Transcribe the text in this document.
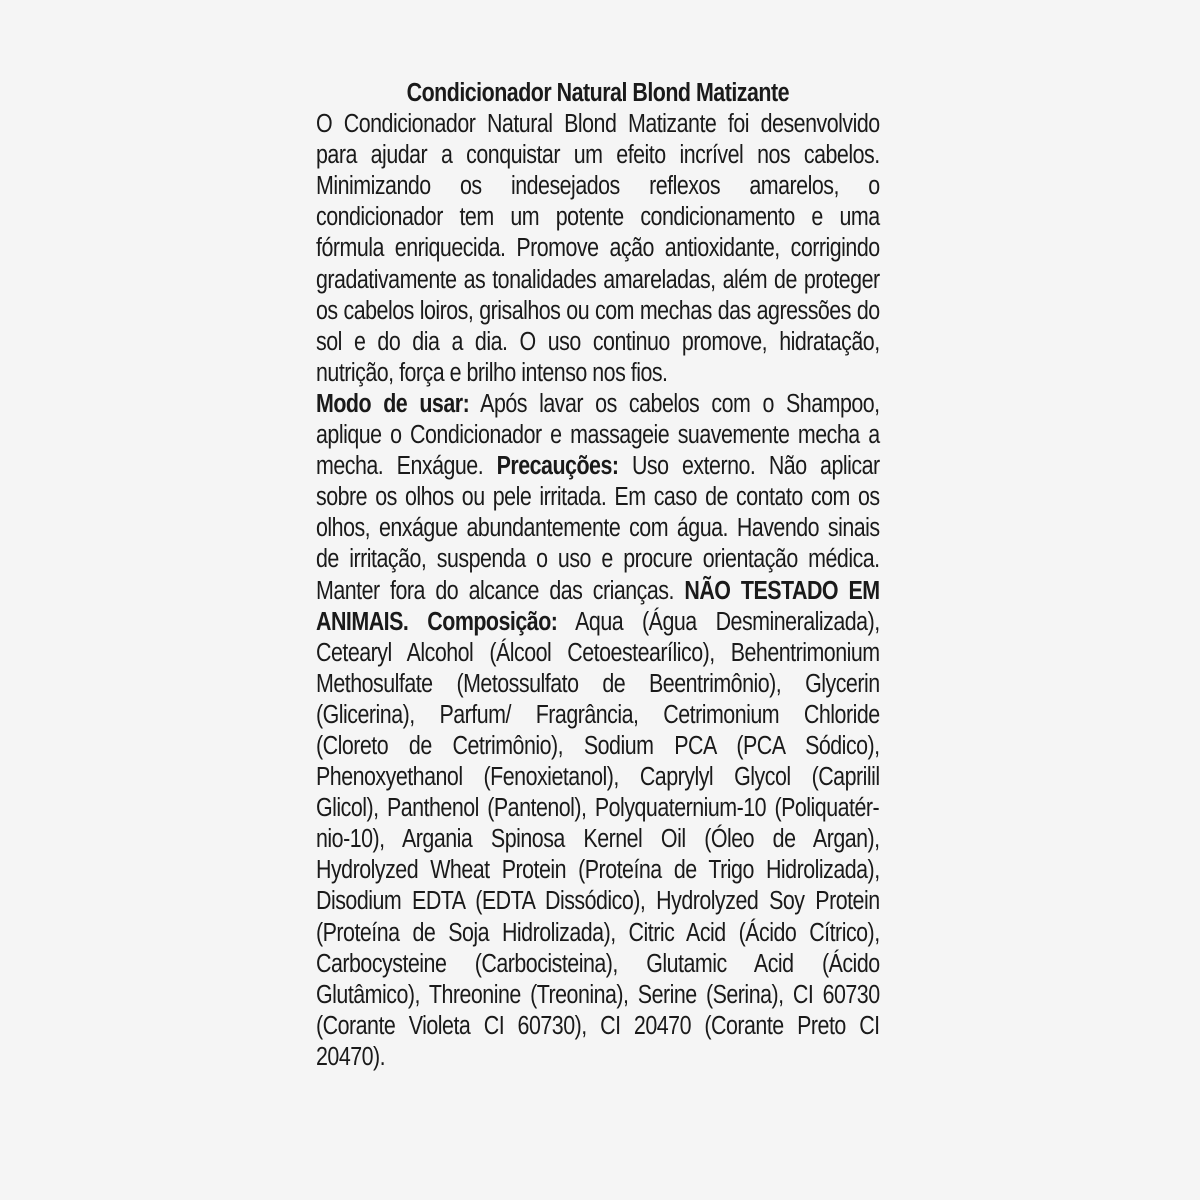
Condicionador Natural Blond Matizante

O Condicionador Natural Blond Matizante foi desenvolvido para ajudar a conquistar um efeito incrível nos cabelos. Minimizando os indesejados reflexos amarelos, o condicionador tem um potente condicionamento e uma fórmula enriquecida. Promove ação antioxidante, corrigindo gradativamente as tonalidades amareladas, além de proteger os cabelos loiros, grisalhos ou com mechas das agressões do sol e do dia a dia. O uso continuo promove, hidratação, nutrição, força e brilho intenso nos fios.

Modo de usar: Após lavar os cabelos com o Shampoo, aplique o Condicionador e massageie suavemente mecha a mecha. Enxágue. Precauções: Uso externo. Não aplicar sobre os olhos ou pele irritada. Em caso de contato com os olhos, enxágue abundantemente com água. Havendo sinais de irritação, suspenda o uso e procure orientação médica. Manter fora do alcance das crianças. NÃO TESTADO EM ANIMAIS. Composição: Aqua (Água Desmineralizada), Cetearyl Alcohol (Álcool Cetoestearílico), Behentrimonium Methosulfate (Metossulfato de Beentrimônio), Glycerin (Glicerina), Parfum/ Fragrância, Cetrimonium Chloride (Cloreto de Cetrimônio), Sodium PCA (PCA Sódico), Phenoxyethanol (Fenoxietanol), Caprylyl Glycol (Caprilil Glicol), Panthenol (Pantenol), Polyquaternium-10 (Poliquatérnio-10), Argania Spinosa Kernel Oil (Óleo de Argan), Hydrolyzed Wheat Protein (Proteína de Trigo Hidrolizada), Disodium EDTA (EDTA Dissódico), Hydrolyzed Soy Protein (Proteína de Soja Hidrolizada), Citric Acid (Ácido Cítrico), Carbocysteine (Carbocisteina), Glutamic Acid (Ácido Glutâmico), Threonine (Treonina), Serine (Serina), CI 60730 (Corante Violeta CI 60730), CI 20470 (Corante Preto CI 20470).
